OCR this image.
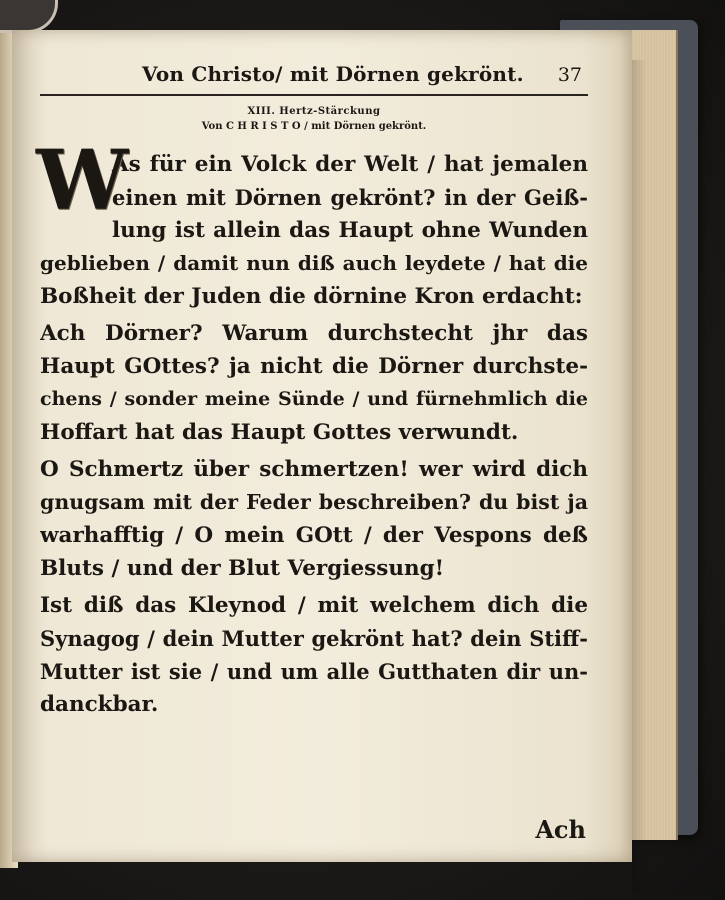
Von Christo/ mit Dörnen gekrönt. 37
XIII. Hertz-Stärckung
Von C H R I S T O / mit Dörnen gekrönt.
W
As für ein Volck der Welt / hat jemalen
einen mit Dörnen gekrönt? in der Geiß-
lung ist allein das Haupt ohne Wunden
geblieben / damit nun diß auch leydete / hat die
Boßheit der Juden die dörnine Kron erdacht:
Ach Dörner? Warum durchstecht jhr das
Haupt GOttes? ja nicht die Dörner durchste-
chens / sonder meine Sünde / und fürnehmlich die
Hoffart hat das Haupt Gottes verwundt.
O Schmertz über schmertzen! wer wird dich
gnugsam mit der Feder beschreiben? du bist ja
warhafftig / O mein GOtt / der Vespons deß
Bluts / und der Blut Vergiessung!
Ist diß das Kleynod / mit welchem dich die
Synagog / dein Mutter gekrönt hat? dein Stiff-
Mutter ist sie / und um alle Gutthaten dir un-
danckbar.
Ach
